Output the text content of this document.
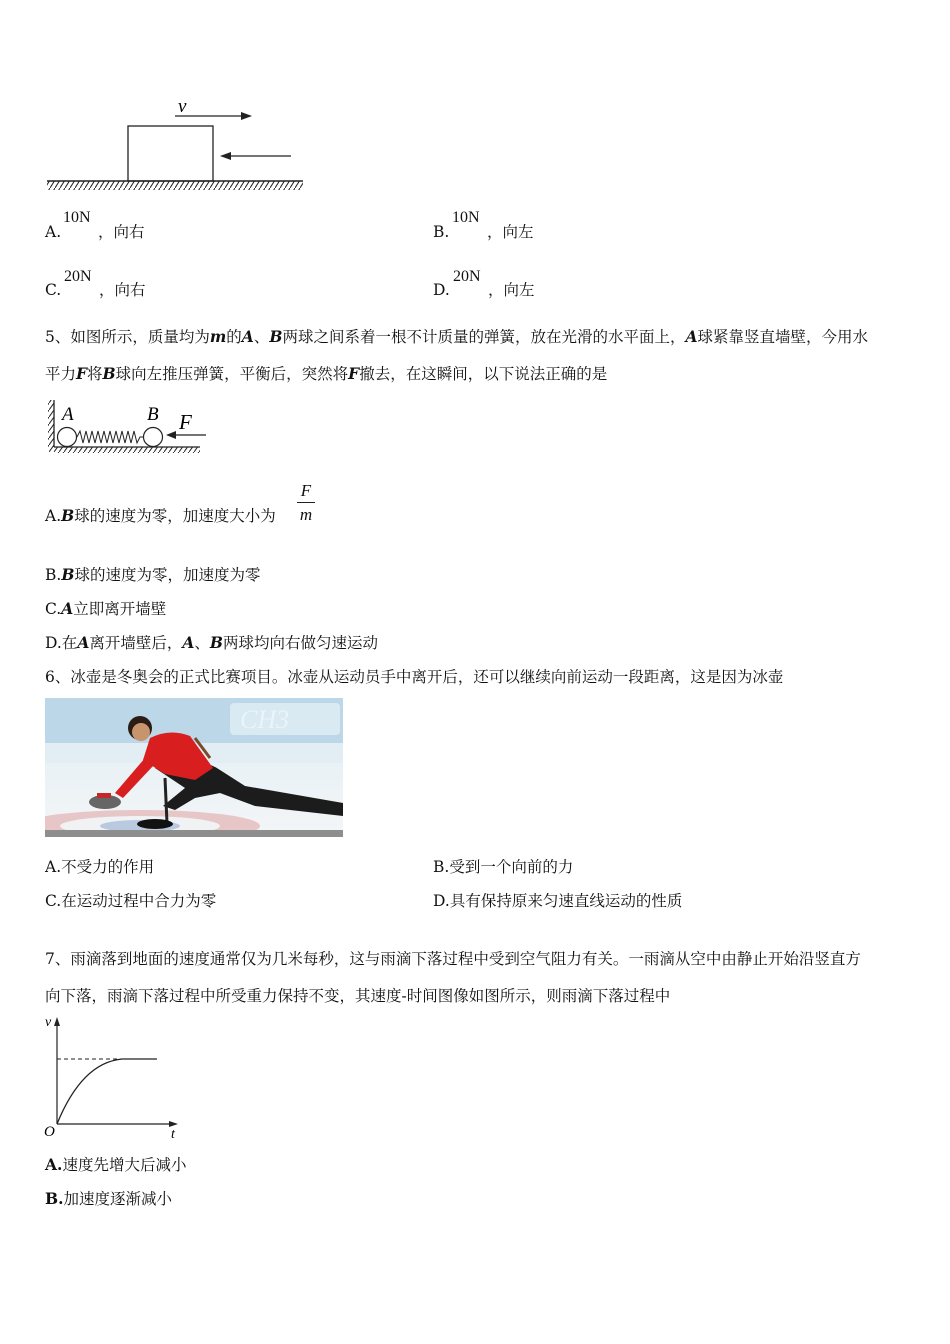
v
A.
10N
，向右	B.
10N
，向左
C.
20N
，向右	D.
20N
，向左
5、如图所示，质量均为m的A、B两球之间系着一根不计质量的弹簧，放在光滑的水平面上，A球紧靠竖直墙壁，今用水
平力F将B球向左推压弹簧，平衡后，突然将F撤去，在这瞬间，以下说法正确的是
A	B F
A.B球的速度为零，加速度大小为
F
m
B.B球的速度为零，加速度为零
C.A立即离开墙壁
D.在A离开墙壁后，A、B两球均向右做匀速运动
6、冰壶是冬奥会的正式比赛项目。冰壶从运动员手中离开后，还可以继续向前运动一段距离，这是因为冰壶
CH3
A.不受力的作用	B.受到一个向前的力
C.在运动过程中合力为零	D.具有保持原来匀速直线运动的性质
7、雨滴落到地面的速度通常仅为几米每秒，这与雨滴下落过程中受到空气阻力有关。一雨滴从空中由静止开始沿竖直方
向下落，雨滴下落过程中所受重力保持不变，其速度-时间图像如图所示，则雨滴下落过程中
v
t
O
A.速度先增大后减小
B.加速度逐渐减小
